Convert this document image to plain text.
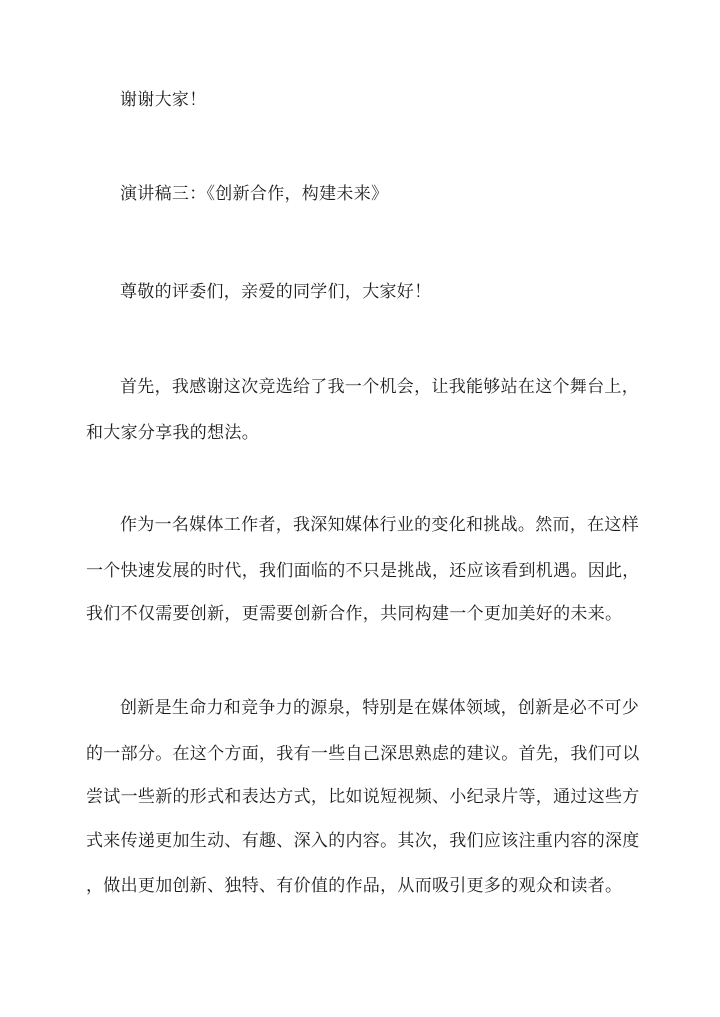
谢谢大家！
演讲稿三：《创新合作，构建未来》
尊敬的评委们，亲爱的同学们，大家好！
首先，我感谢这次竞选给了我一个机会，让我能够站在这个舞台上，
和大家分享我的想法。
作为一名媒体工作者，我深知媒体行业的变化和挑战。然而，在这样
一个快速发展的时代，我们面临的不只是挑战，还应该看到机遇。因此，
我们不仅需要创新，更需要创新合作，共同构建一个更加美好的未来。
创新是生命力和竞争力的源泉，特别是在媒体领域，创新是必不可少
的一部分。在这个方面，我有一些自己深思熟虑的建议。首先，我们可以
尝试一些新的形式和表达方式，比如说短视频、小纪录片等，通过这些方
式来传递更加生动、有趣、深入的内容。其次，我们应该注重内容的深度
，做出更加创新、独特、有价值的作品，从而吸引更多的观众和读者。
